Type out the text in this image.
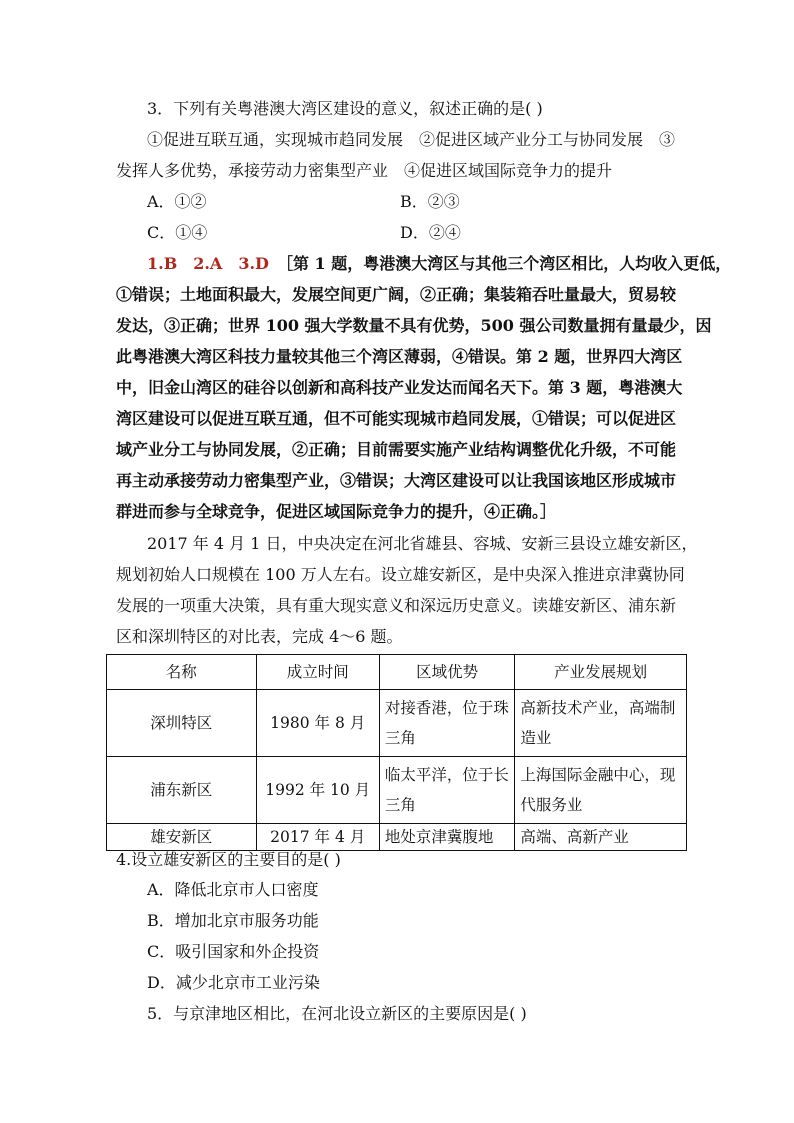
3．下列有关粤港澳大湾区建设的意义，叙述正确的是( )
①促进互联互通，实现城市趋同发展　②促进区域产业分工与协同发展　③
发挥人多优势，承接劳动力密集型产业　④促进区域国际竞争力的提升
A．①②	B．②③
C．①④	D．②④
1.B　2.A　3.D　 ［第 1 题，粤港澳大湾区与其他三个湾区相比，人均收入更低，
①错误；土地面积最大，发展空间更广阔，②正确；集装箱吞吐量最大，贸易较
发达，③正确；世界 100 强大学数量不具有优势，500 强公司数量拥有量最少，因
此粤港澳大湾区科技力量较其他三个湾区薄弱，④错误。第 2 题，世界四大湾区
中，旧金山湾区的硅谷以创新和高科技产业发达而闻名天下。第 3 题，粤港澳大
湾区建设可以促进互联互通，但不可能实现城市趋同发展，①错误；可以促进区
域产业分工与协同发展，②正确；目前需要实施产业结构调整优化升级，不可能
再主动承接劳动力密集型产业，③错误；大湾区建设可以让我国该地区形成城市
群进而参与全球竞争，促进区域国际竞争力的提升，④正确。］
2017 年 4 月 1 日，中央决定在河北省雄县、容城、安新三县设立雄安新区，
规划初始人口规模在 100 万人左右。设立雄安新区，是中央深入推进京津冀协同
发展的一项重大决策，具有重大现实意义和深远历史意义。读雄安新区、浦东新
区和深圳特区的对比表，完成 4～6 题。
名称	成立时间	区域优势	产业发展规划
深圳特区	1980 年 8 月	对接香港，位于珠三角	高新技术产业，高端制造业
浦东新区	1992 年 10 月	临太平洋，位于长三角	上海国际金融中心，现代服务业
雄安新区	2017 年 4 月	地处京津冀腹地	高端、高新产业
4.设立雄安新区的主要目的是( )
A．降低北京市人口密度
B．增加北京市服务功能
C．吸引国家和外企投资
D．减少北京市工业污染
5．与京津地区相比，在河北设立新区的主要原因是( )
